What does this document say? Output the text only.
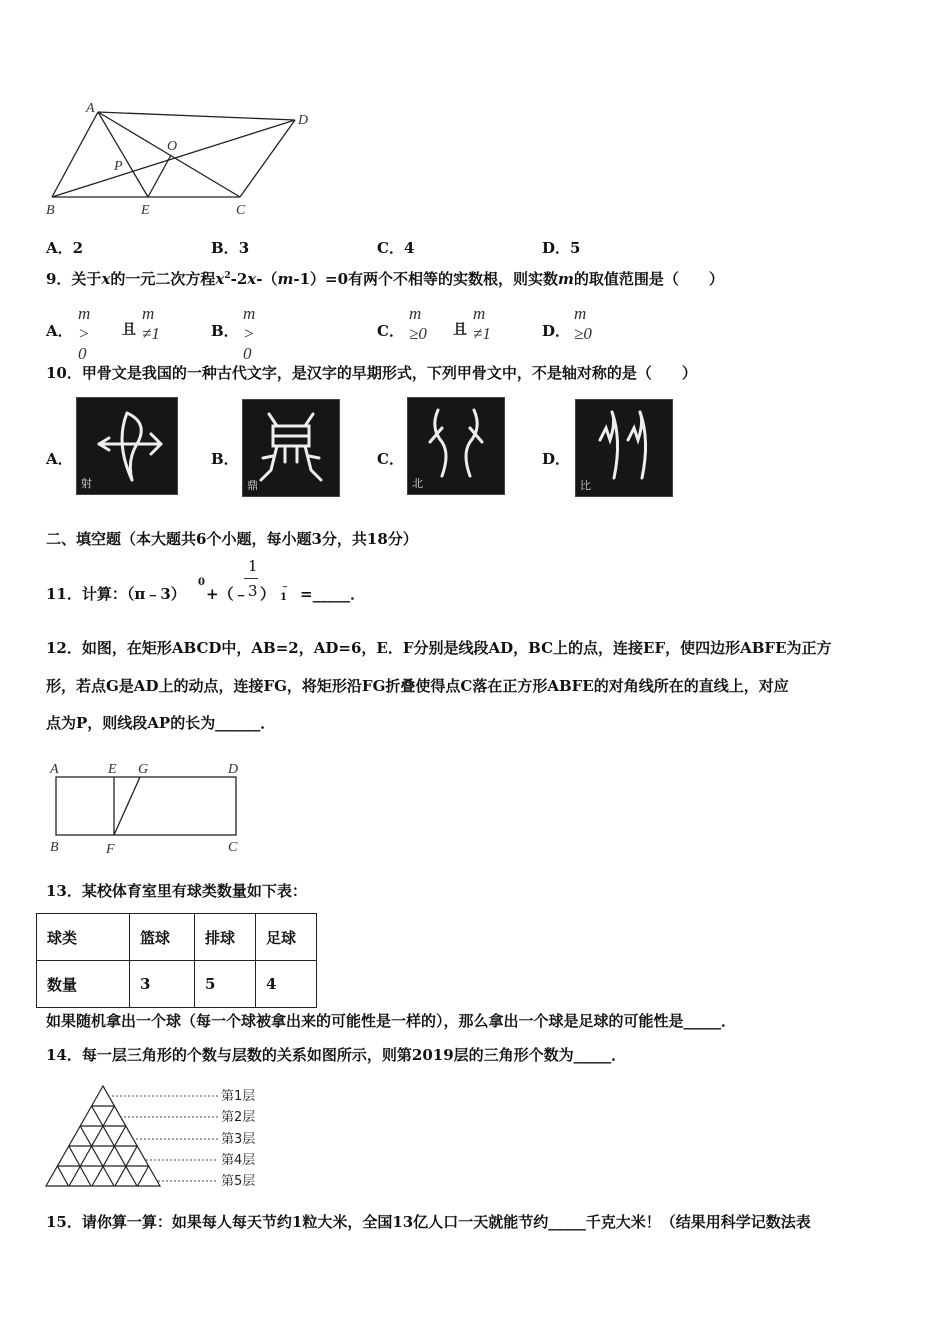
A
D
O
P
B	E	C
A．2	B．3	C．4	D．5
9．关于x的一元二次方程$x^2-2x-(m-1)=0$有两个不相等的实数根，则实数m的取值范围是（　　）
A．
m > 0
且
m ≠1	B．
m > 0
C．
m ≥0 且
m ≠1	D．
m ≥0
10．甲骨文是我国的一种古代文字，是汉字的早期形式，下列甲骨文中，不是轴对称的是（　　）
A．
射
B．
鼎
C．
北
D．
比
二、填空题（本大题共6个小题，每小题3分，共18分）
11．计算：（π﹣3）
0
+（﹣
1
3 ） ﹣1 =_____．
12．如图，在矩形ABCD中，AB=2，AD=6，E．F分别是线段AD，BC上的点，连接EF，使四边形ABFE为正方
形，若点G是AD上的动点，连接FG，将矩形沿FG折叠使得点C落在正方形ABFE的对角线所在的直线上，对应
点为P，则线段AP的长为______．
A	E G	D
B	F	C
13．某校体育室里有球类数量如下表：
球类	篮球	排球	足球
数量	3	5	4
如果随机拿出一个球（每一个球被拿出来的可能性是一样的），那么拿出一个球是足球的可能性是_____．
14．每一层三角形的个数与层数的关系如图所示，则第2019层的三角形个数为_____．
第1层
第2层
第3层
第4层
第5层
15．请你算一算：如果每人每天节约1粒大米，全国13亿人口一天就能节约_____千克大米！（结果用科学记数法表
